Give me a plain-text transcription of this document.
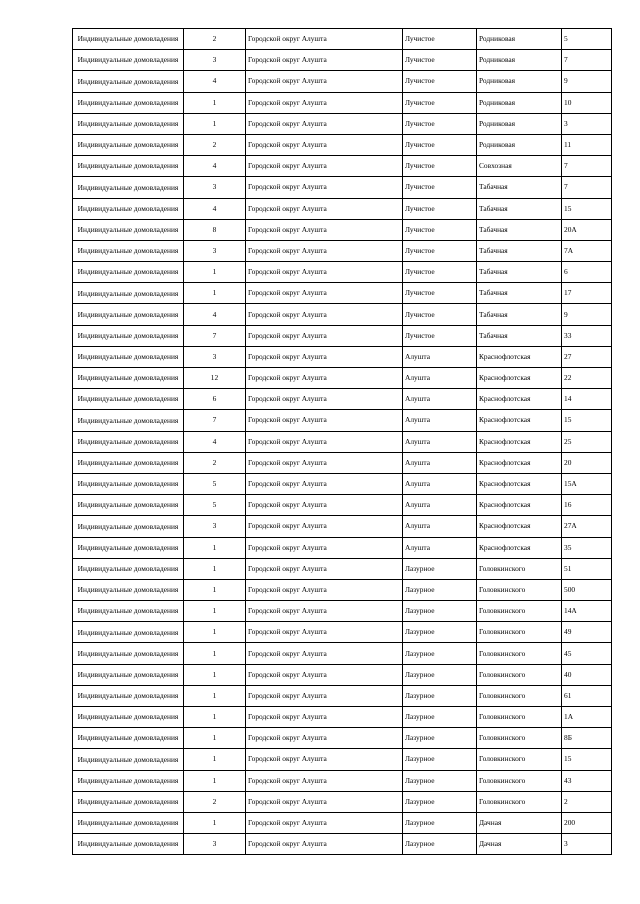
Индивидуальные домовладения	2	Городской округ Алушта	Лучистое	Родниковая	5
Индивидуальные домовладения	3	Городской округ Алушта	Лучистое	Родниковая	7
Индивидуальные домовладения	4	Городской округ Алушта	Лучистое	Родниковая	9
Индивидуальные домовладения	1	Городской округ Алушта	Лучистое	Родниковая	10
Индивидуальные домовладения	1	Городской округ Алушта	Лучистое	Родниковая	3
Индивидуальные домовладения	2	Городской округ Алушта	Лучистое	Родниковая	11
Индивидуальные домовладения	4	Городской округ Алушта	Лучистое	Совхозная	7
Индивидуальные домовладения	3	Городской округ Алушта	Лучистое	Табачная	7
Индивидуальные домовладения	4	Городской округ Алушта	Лучистое	Табачная	15
Индивидуальные домовладения	8	Городской округ Алушта	Лучистое	Табачная	20А
Индивидуальные домовладения	3	Городской округ Алушта	Лучистое	Табачная	7А
Индивидуальные домовладения	1	Городской округ Алушта	Лучистое	Табачная	6
Индивидуальные домовладения	1	Городской округ Алушта	Лучистое	Табачная	17
Индивидуальные домовладения	4	Городской округ Алушта	Лучистое	Табачная	9
Индивидуальные домовладения	7	Городской округ Алушта	Лучистое	Табачная	33
Индивидуальные домовладения	3	Городской округ Алушта	Алушта	Краснофлотская	27
Индивидуальные домовладения	12	Городской округ Алушта	Алушта	Краснофлотская	22
Индивидуальные домовладения	6	Городской округ Алушта	Алушта	Краснофлотская	14
Индивидуальные домовладения	7	Городской округ Алушта	Алушта	Краснофлотская	15
Индивидуальные домовладения	4	Городской округ Алушта	Алушта	Краснофлотская	25
Индивидуальные домовладения	2	Городской округ Алушта	Алушта	Краснофлотская	20
Индивидуальные домовладения	5	Городской округ Алушта	Алушта	Краснофлотская	15А
Индивидуальные домовладения	5	Городской округ Алушта	Алушта	Краснофлотская	16
Индивидуальные домовладения	3	Городской округ Алушта	Алушта	Краснофлотская	27А
Индивидуальные домовладения	1	Городской округ Алушта	Алушта	Краснофлотская	35
Индивидуальные домовладения	1	Городской округ Алушта	Лазурное	Головкинского	51
Индивидуальные домовладения	1	Городской округ Алушта	Лазурное	Головкинского	500
Индивидуальные домовладения	1	Городской округ Алушта	Лазурное	Головкинского	14А
Индивидуальные домовладения	1	Городской округ Алушта	Лазурное	Головкинского	49
Индивидуальные домовладения	1	Городской округ Алушта	Лазурное	Головкинского	45
Индивидуальные домовладения	1	Городской округ Алушта	Лазурное	Головкинского	40
Индивидуальные домовладения	1	Городской округ Алушта	Лазурное	Головкинского	61
Индивидуальные домовладения	1	Городской округ Алушта	Лазурное	Головкинского	1А
Индивидуальные домовладения	1	Городской округ Алушта	Лазурное	Головкинского	8Б
Индивидуальные домовладения	1	Городской округ Алушта	Лазурное	Головкинского	15
Индивидуальные домовладения	1	Городской округ Алушта	Лазурное	Головкинского	43
Индивидуальные домовладения	2	Городской округ Алушта	Лазурное	Головкинского	2
Индивидуальные домовладения	1	Городской округ Алушта	Лазурное	Дачная	200
Индивидуальные домовладения	3	Городской округ Алушта	Лазурное	Дачная	3
